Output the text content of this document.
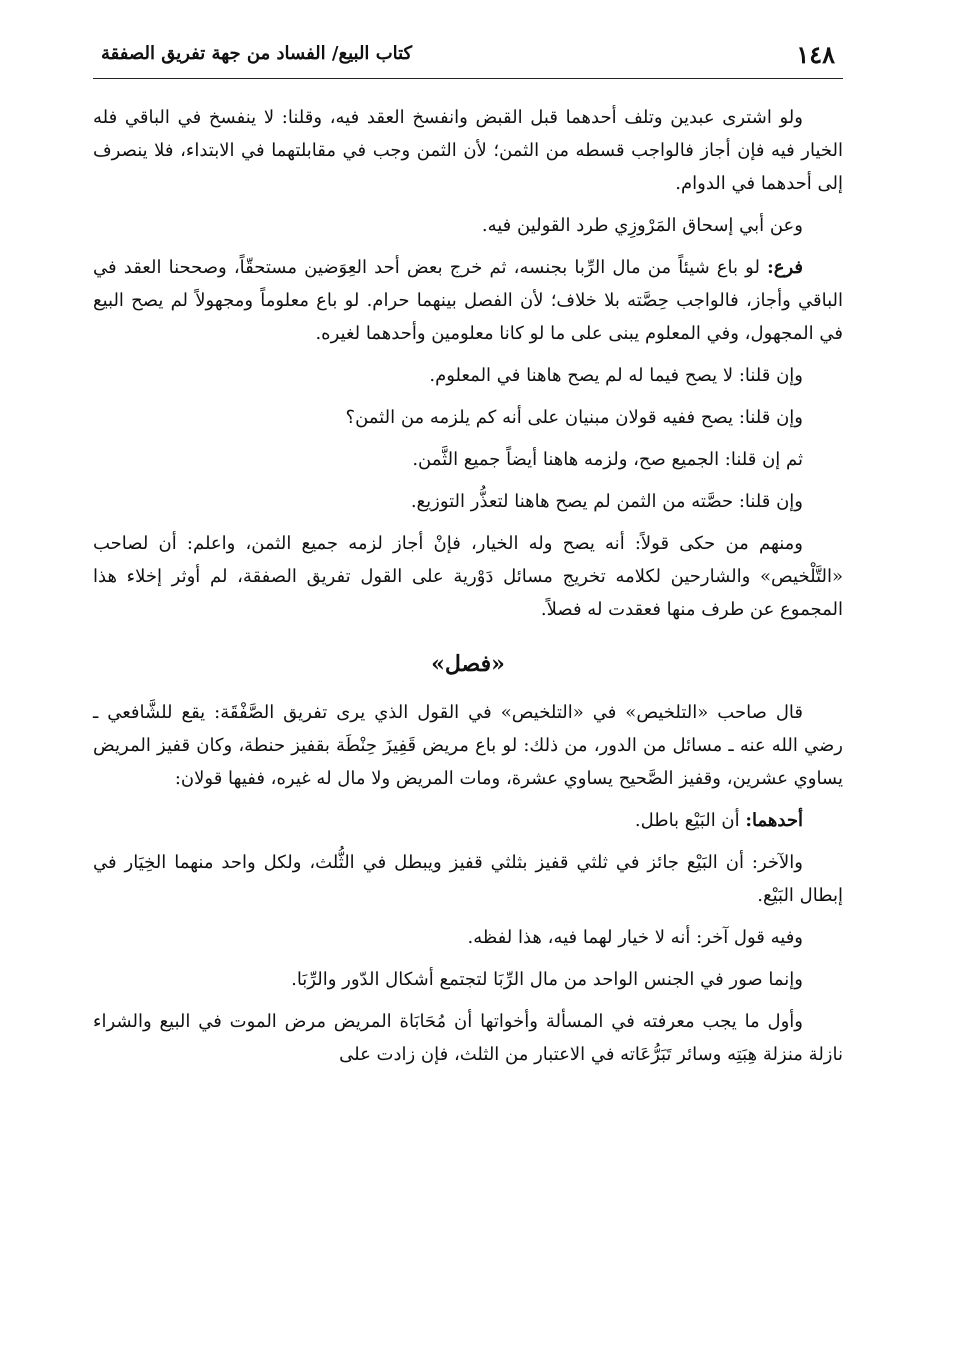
١٤٨
كتاب البيع/ الفساد من جهة تفريق الصفقة

ولو اشترى عبدين وتلف أحدهما قبل القبض وانفسخ العقد فيه، وقلنا: لا ينفسخ في الباقي فله الخيار فيه فإن أجاز فالواجب قسطه من الثمن؛ لأن الثمن وجب في مقابلتهما في الابتداء، فلا ينصرف إلى أحدهما في الدوام.

وعن أبي إسحاق المَرْوزِي طرد القولين فيه.

فرع: لو باع شيئاً من مال الرِّبا بجنسه، ثم خرج بعض أحد العِوَضين مستحقّاً، وصححنا العقد في الباقي وأجاز، فالواجب حِصَّته بلا خلاف؛ لأن الفصل بينهما حرام. لو باع معلوماً ومجهولاً لم يصح البيع في المجهول، وفي المعلوم يبنى على ما لو كانا معلومين وأحدهما لغيره.

وإن قلنا: لا يصح فيما له لم يصح هاهنا في المعلوم.

وإن قلنا: يصح ففيه قولان مبنيان على أنه كم يلزمه من الثمن؟

ثم إن قلنا: الجميع صح، ولزمه هاهنا أيضاً جميع الثَّمن.

وإن قلنا: حصَّته من الثمن لم يصح هاهنا لتعذُّر التوزيع.

ومنهم من حكى قولاً: أنه يصح وله الخيار، فإنْ أجاز لزمه جميع الثمن، واعلم: أن لصاحب «التَّلْخيص» والشارحين لكلامه تخريج مسائل دَوْرية على القول تفريق الصفقة، لم أوثر إخلاء هذا المجموع عن طرف منها فعقدت له فصلاً.

«فصل»

قال صاحب «التلخيص» في «التلخيص» في القول الذي يرى تفريق الصَّفْقَة: يقع للشَّافعي ـ رضي الله عنه ـ مسائل من الدور، من ذلك: لو باع مريض قَفِيزَ حِنْطَة بقفيز حنطة، وكان قفيز المريض يساوي عشرين، وقفيز الصَّحيح يساوي عشرة، ومات المريض ولا مال له غيره، ففيها قولان:

أحدهما: أن البَيْع باطل.

والآخر: أن البَيْع جائز في ثلثي قفيز بثلثي قفيز ويبطل في الثُّلث، ولكل واحد منهما الخِيَار في إبطال البَيْع.

وفيه قول آخر: أنه لا خيار لهما فيه، هذا لفظه.

وإنما صور في الجنس الواحد من مال الرِّبَا لتجتمع أشكال الدّور والرِّبَا.

وأول ما يجب معرفته في المسألة وأخواتها أن مُحَابَاة المريض مرض الموت في البيع والشراء نازلة منزلة هِبَتِه وسائر تَبَرُّعَاته في الاعتبار من الثلث، فإن زادت على
